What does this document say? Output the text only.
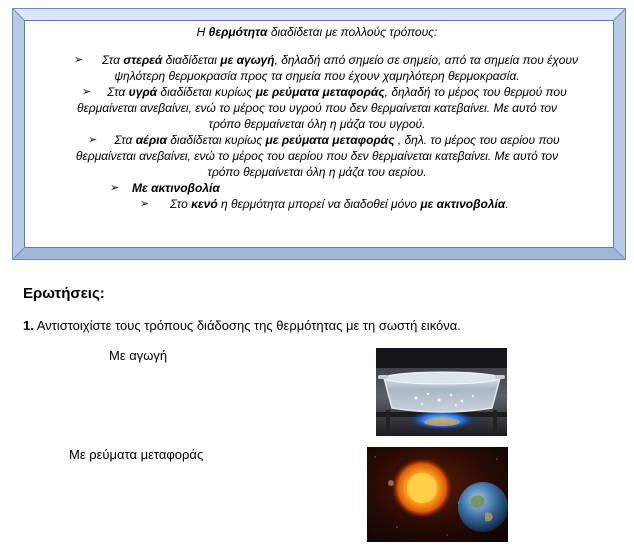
Η θερμότητα διαδίδεται με πολλούς τρόπους:
➢	Στα στερεά διαδίδεται με αγωγή, δηλαδή από σημείο σε σημείο, από τα σημεία που έχουν
ψηλότερη θερμοκρασία προς τα σημεία που έχουν χαμηλότερη θερμοκρασία.
➢	Στα υγρά διαδίδεται κυρίως με ρεύματα μεταφοράς, δηλαδή το μέρος του θερμού που
θερμαίνεται ανεβαίνει, ενώ το μέρος του υγρού που δεν θερμαίνεται κατεβαίνει. Με αυτό τον
τρόπο θερμαίνεται όλη η μάζα του υγρού.
➢	Στα αέρια διαδίδεται κυρίως με ρεύματα μεταφοράς , δηλ. το μέρος του αερίου που
θερμαίνεται ανεβαίνει, ενώ το μέρος του αερίου που δεν θερμαίνεται κατεβαίνει. Με αυτό τον
τρόπο θερμαίνεται όλη η μάζα του αερίου.
➢ Με ακτινοβολία
➢ Στο κενό η θερμότητα μπορεί να διαδοθεί μόνο με ακτινοβολία.
Ερωτήσεις:
1. Αντιστοιχίστε τους τρόπους διάδοσης της θερμότητας με τη σωστή εικόνα.
Με αγωγή
Με ρεύματα μεταφοράς
